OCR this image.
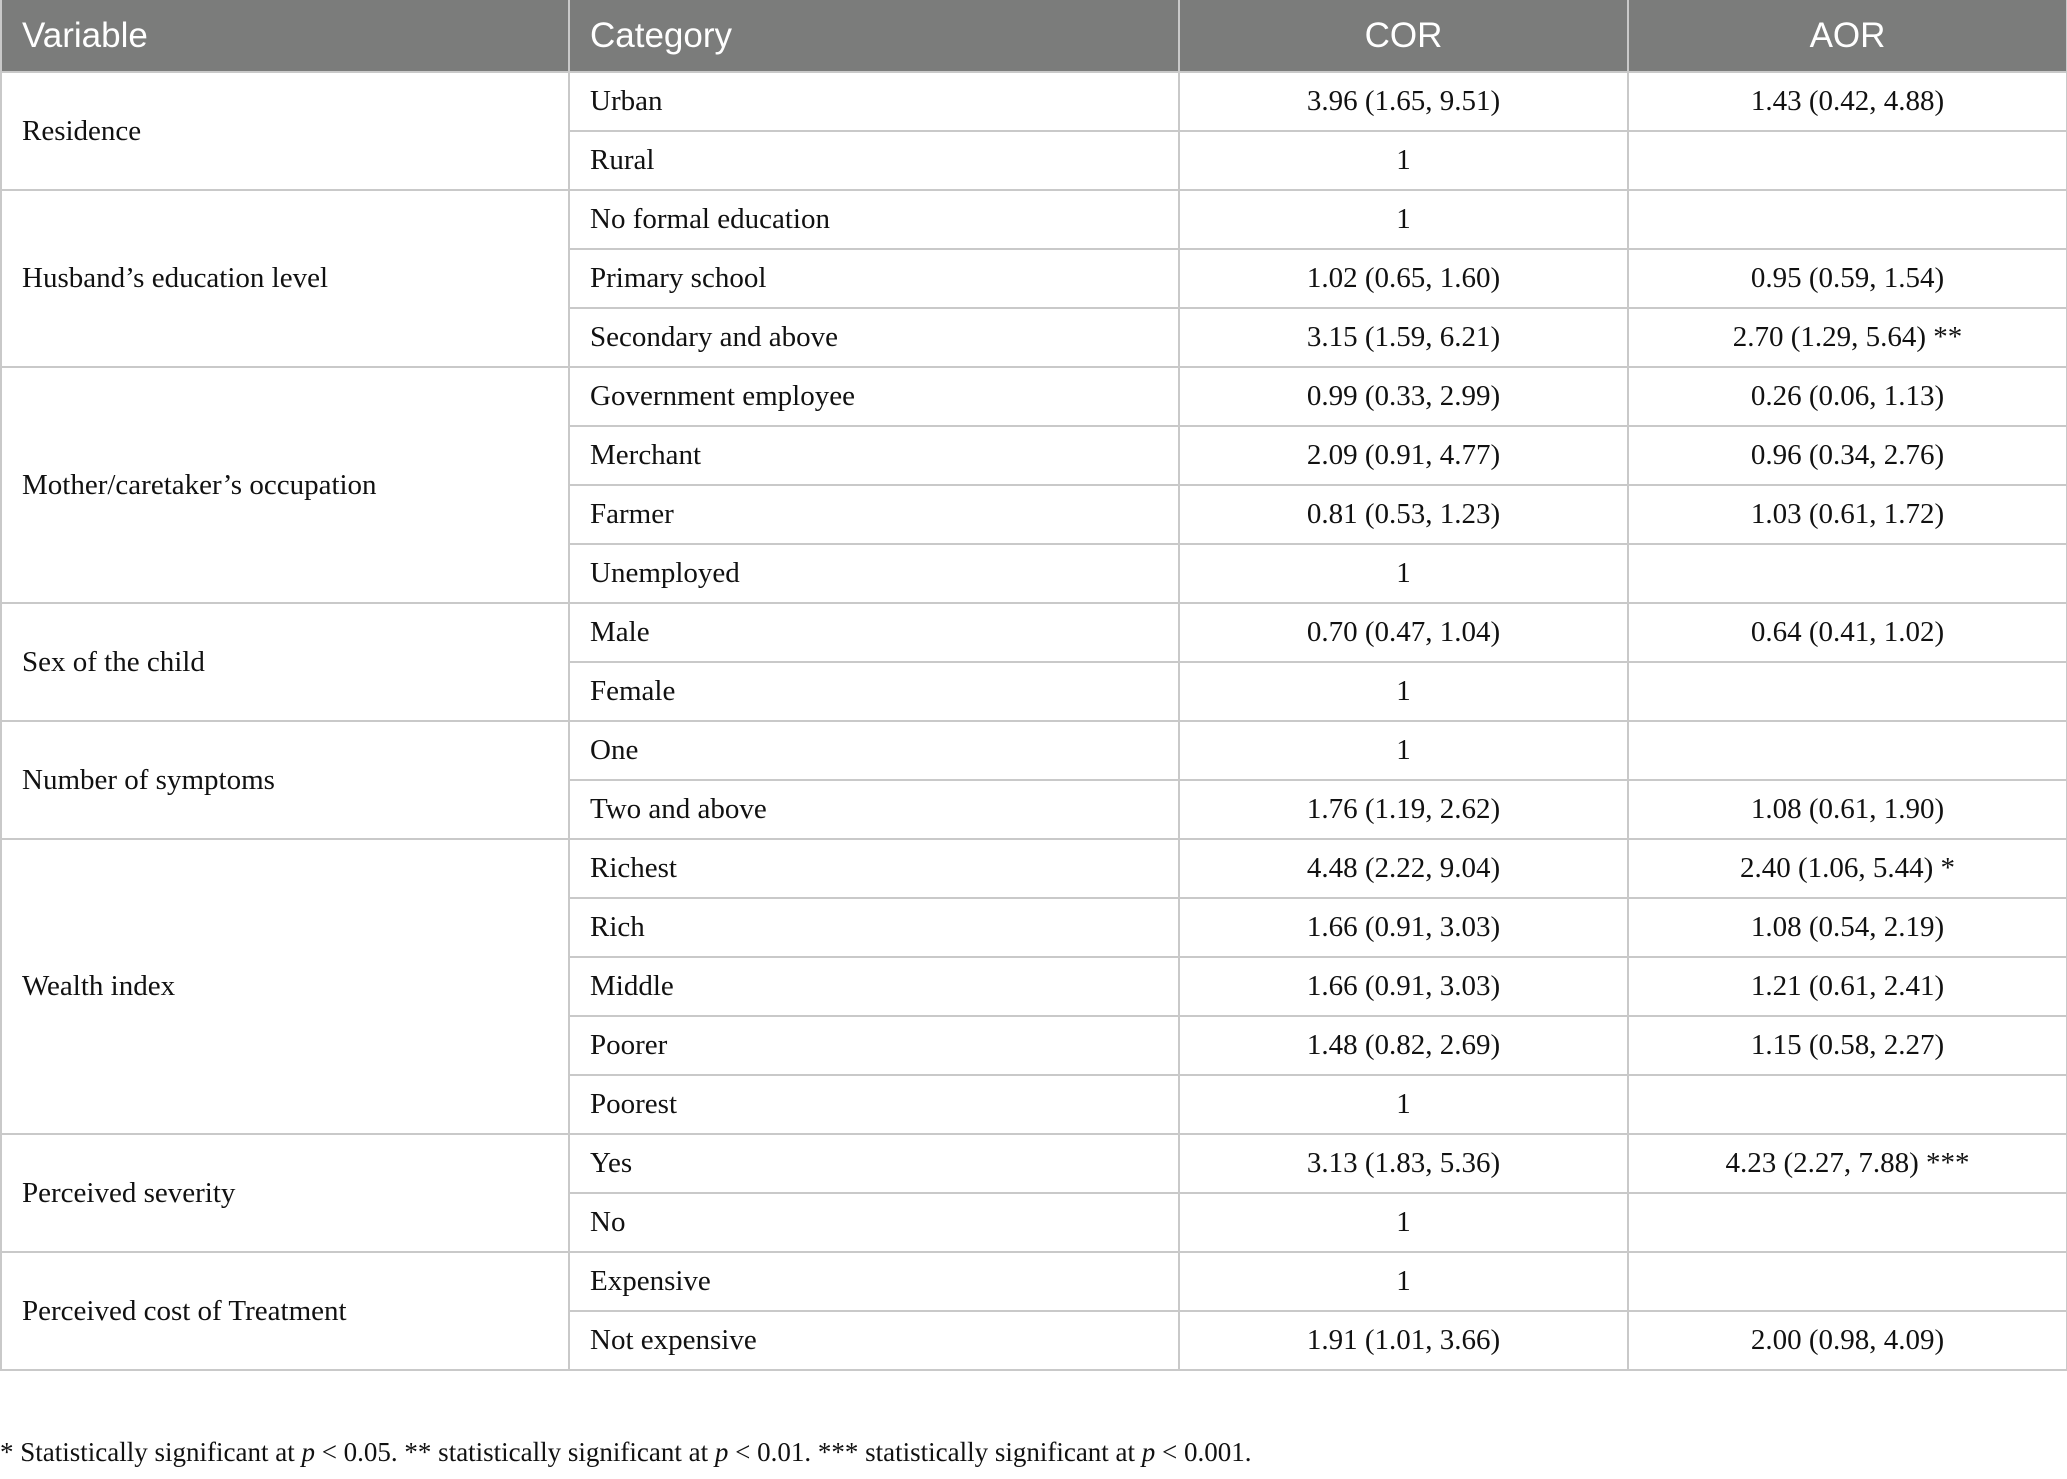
Variable	Category	COR	AOR
Residence	Urban	3.96 (1.65, 9.51)	1.43 (0.42, 4.88)
	Rural	1	
Husband’s education level	No formal education	1	
	Primary school	1.02 (0.65, 1.60)	0.95 (0.59, 1.54)
	Secondary and above	3.15 (1.59, 6.21)	2.70 (1.29, 5.64) **
Mother/caretaker’s occupation	Government employee	0.99 (0.33, 2.99)	0.26 (0.06, 1.13)
	Merchant	2.09 (0.91, 4.77)	0.96 (0.34, 2.76)
	Farmer	0.81 (0.53, 1.23)	1.03 (0.61, 1.72)
	Unemployed	1	
Sex of the child	Male	0.70 (0.47, 1.04)	0.64 (0.41, 1.02)
	Female	1	
Number of symptoms	One	1	
	Two and above	1.76 (1.19, 2.62)	1.08 (0.61, 1.90)
Wealth index	Richest	4.48 (2.22, 9.04)	2.40 (1.06, 5.44) *
	Rich	1.66 (0.91, 3.03)	1.08 (0.54, 2.19)
	Middle	1.66 (0.91, 3.03)	1.21 (0.61, 2.41)
	Poorer	1.48 (0.82, 2.69)	1.15 (0.58, 2.27)
	Poorest	1	
Perceived severity	Yes	3.13 (1.83, 5.36)	4.23 (2.27, 7.88) ***
	No	1	
Perceived cost of Treatment	Expensive	1	
	Not expensive	1.91 (1.01, 3.66)	2.00 (0.98, 4.09)
* Statistically significant at p < 0.05. ** statistically significant at p < 0.01. *** statistically significant at p < 0.001.
